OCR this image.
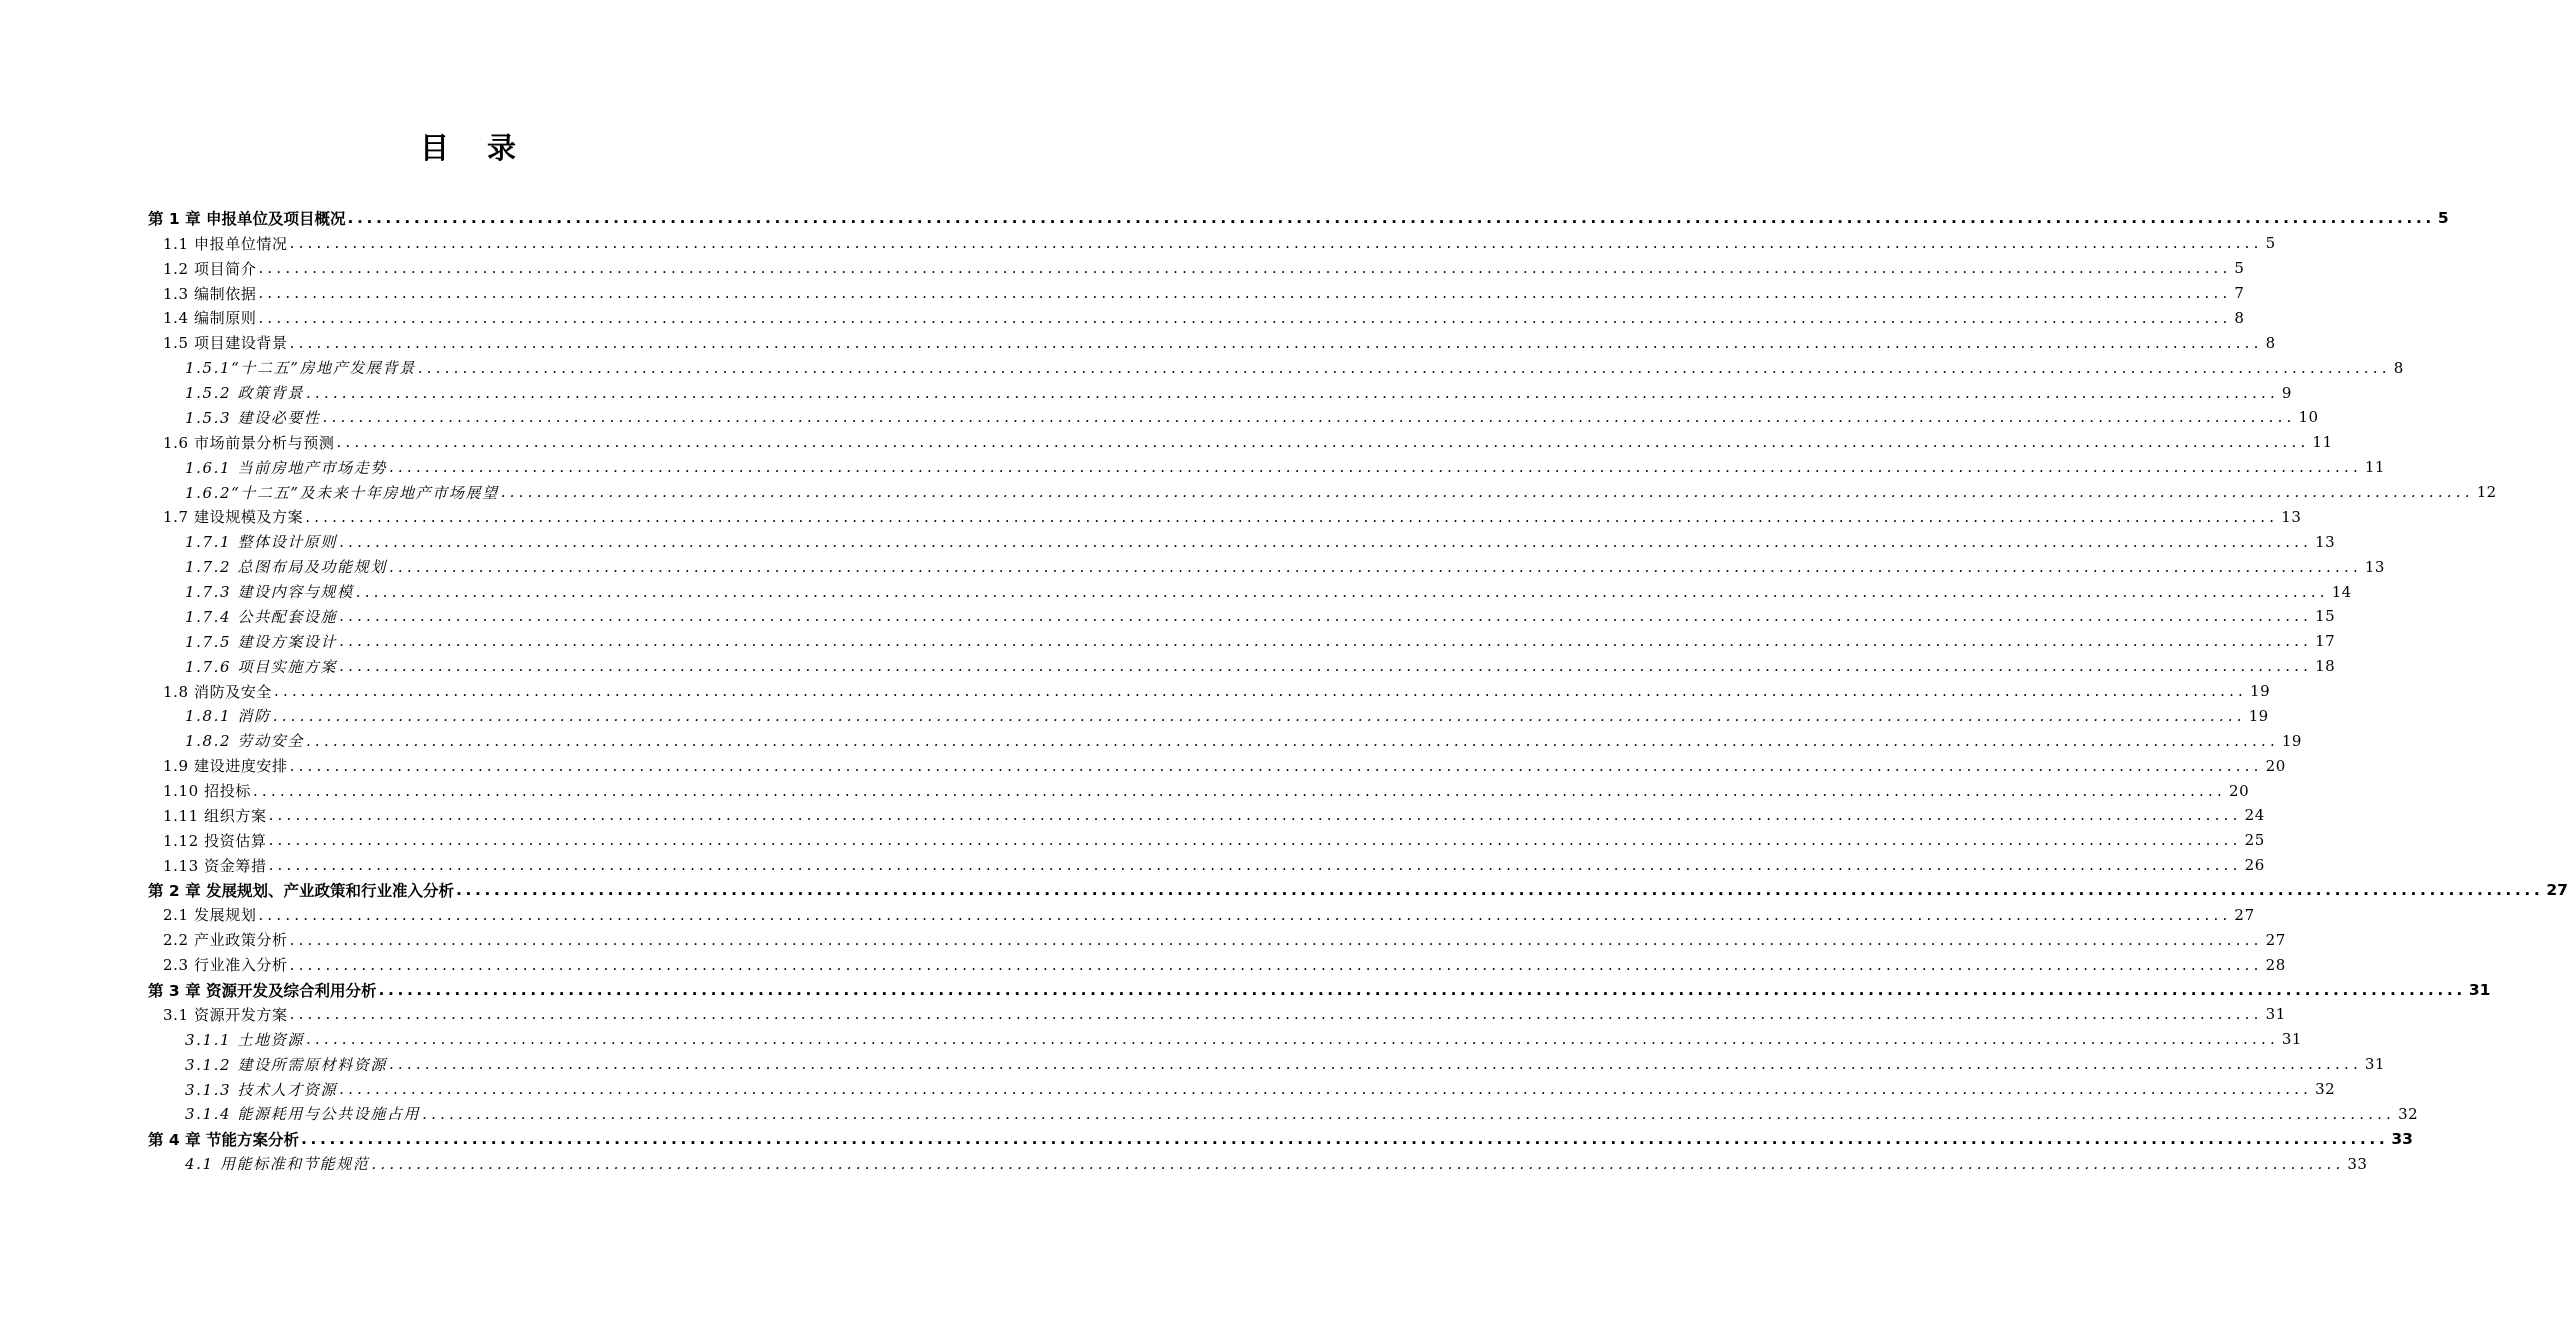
目 录
第 1 章 申报单位及项目概况 ............................................................................................................................................................................................................................ 5
1.1 申报单位情况 ............................................................................................................................................................................................................................ 5
1.2 项目简介 ............................................................................................................................................................................................................................ 5
1.3 编制依据 ............................................................................................................................................................................................................................ 7
1.4 编制原则 ............................................................................................................................................................................................................................ 8
1.5 项目建设背景 ............................................................................................................................................................................................................................ 8
1.5.1“十二五”房地产发展背景 ............................................................................................................................................................................................................................ 8
1.5.2 政策背景 ............................................................................................................................................................................................................................ 9
1.5.3 建设必要性 ............................................................................................................................................................................................................................ 10
1.6 市场前景分析与预测 ............................................................................................................................................................................................................................ 11
1.6.1 当前房地产市场走势 ............................................................................................................................................................................................................................ 11
1.6.2“十二五”及未来十年房地产市场展望 ............................................................................................................................................................................................................................ 12
1.7 建设规模及方案 ............................................................................................................................................................................................................................ 13
1.7.1 整体设计原则 ............................................................................................................................................................................................................................ 13
1.7.2 总图布局及功能规划 ............................................................................................................................................................................................................................ 13
1.7.3 建设内容与规模 ............................................................................................................................................................................................................................ 14
1.7.4 公共配套设施 ............................................................................................................................................................................................................................ 15
1.7.5 建设方案设计 ............................................................................................................................................................................................................................ 17
1.7.6 项目实施方案 ............................................................................................................................................................................................................................ 18
1.8 消防及安全 ............................................................................................................................................................................................................................ 19
1.8.1 消防 ............................................................................................................................................................................................................................ 19
1.8.2 劳动安全 ............................................................................................................................................................................................................................ 19
1.9 建设进度安排 ............................................................................................................................................................................................................................ 20
1.10 招投标 ............................................................................................................................................................................................................................ 20
1.11 组织方案 ............................................................................................................................................................................................................................ 24
1.12 投资估算 ............................................................................................................................................................................................................................ 25
1.13 资金筹措 ............................................................................................................................................................................................................................ 26
第 2 章 发展规划、产业政策和行业准入分析 ............................................................................................................................................................................................................................ 27
2.1 发展规划 ............................................................................................................................................................................................................................ 27
2.2 产业政策分析 ............................................................................................................................................................................................................................ 27
2.3 行业准入分析 ............................................................................................................................................................................................................................ 28
第 3 章 资源开发及综合利用分析 ............................................................................................................................................................................................................................ 31
3.1 资源开发方案 ............................................................................................................................................................................................................................ 31
3.1.1 土地资源 ............................................................................................................................................................................................................................ 31
3.1.2 建设所需原材料资源 ............................................................................................................................................................................................................................ 31
3.1.3 技术人才资源 ............................................................................................................................................................................................................................ 32
3.1.4 能源耗用与公共设施占用 ............................................................................................................................................................................................................................ 32
第 4 章 节能方案分析 ............................................................................................................................................................................................................................ 33
4.1 用能标准和节能规范 ............................................................................................................................................................................................................................ 33
